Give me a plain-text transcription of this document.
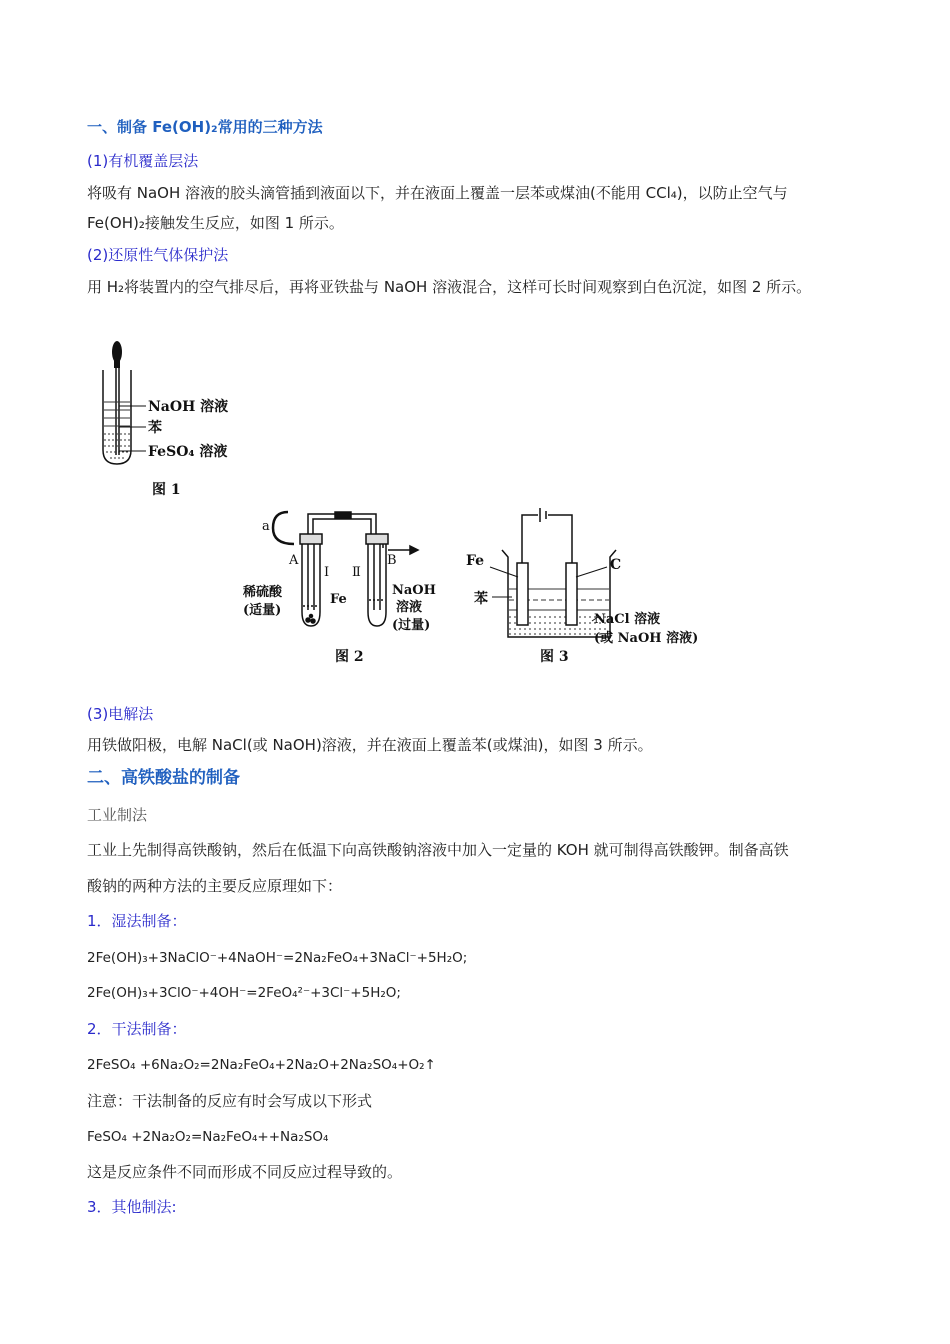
一、制备 Fe(OH)₂常用的三种方法
(1)有机覆盖层法
将吸有 NaOH 溶液的胶头滴管插到液面以下，并在液面上覆盖一层苯或煤油(不能用 CCl₄)，以防止空气与
Fe(OH)₂接触发生反应，如图 1 所示。
(2)还原性气体保护法
用 H₂将装置内的空气排尽后，再将亚铁盐与 NaOH 溶液混合，这样可长时间观察到白色沉淀，如图 2 所示。
NaOH 溶液
苯
FeSO₄ 溶液
图 1
a
A	B
Ⅰ Ⅱ
稀硫酸
(适量)
Fe
NaOH
溶液
(过量)
图 2
Fe	C
苯
NaCl 溶液
(或 NaOH 溶液)
图 3
(3)电解法
用铁做阳极，电解 NaCl(或 NaOH)溶液，并在液面上覆盖苯(或煤油)，如图 3 所示。
二、高铁酸盐的制备
工业制法
工业上先制得高铁酸钠，然后在低温下向高铁酸钠溶液中加入一定量的 KOH 就可制得高铁酸钾。制备高铁
酸钠的两种方法的主要反应原理如下：
1．湿法制备：
2Fe(OH)₃+3NaClO⁻+4NaOH⁻=2Na₂FeO₄+3NaCl⁻+5H₂O;
2Fe(OH)₃+3ClO⁻+4OH⁻=2FeO₄²⁻+3Cl⁻+5H₂O;
2．干法制备：
2FeSO₄ +6Na₂O₂=2Na₂FeO₄+2Na₂O+2Na₂SO₄+O₂↑
注意：干法制备的反应有时会写成以下形式
FeSO₄ +2Na₂O₂=Na₂FeO₄++Na₂SO₄
这是反应条件不同而形成不同反应过程导致的。
3．其他制法:
